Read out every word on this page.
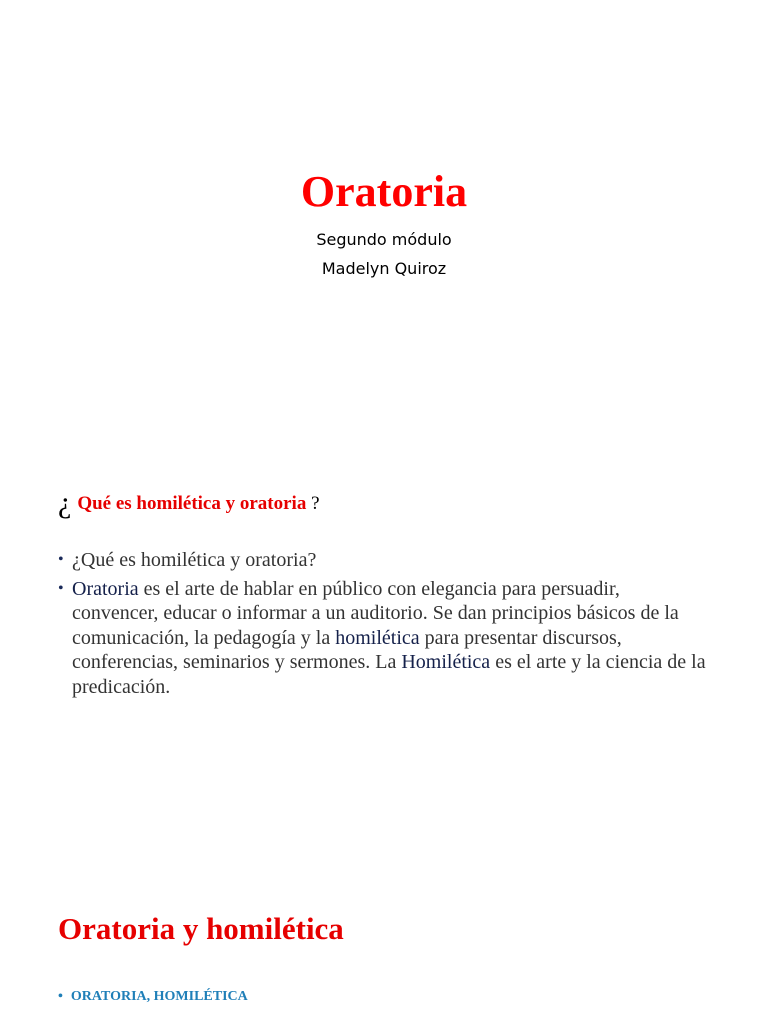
Oratoria
Segundo módulo
Madelyn Quiroz
¿ Qué es homilética y oratoria ?
• ¿Qué es homilética y oratoria?
• Oratoria es el arte de hablar en público con elegancia para persuadir, convencer, educar o informar a un auditorio. Se dan principios básicos de la comunicación, la pedagogía y la homilética para presentar discursos, conferencias, seminarios y sermones. La Homilética es el arte y la ciencia de la predicación.
Oratoria y homilética
• ORATORIA, HOMILÉTICA
